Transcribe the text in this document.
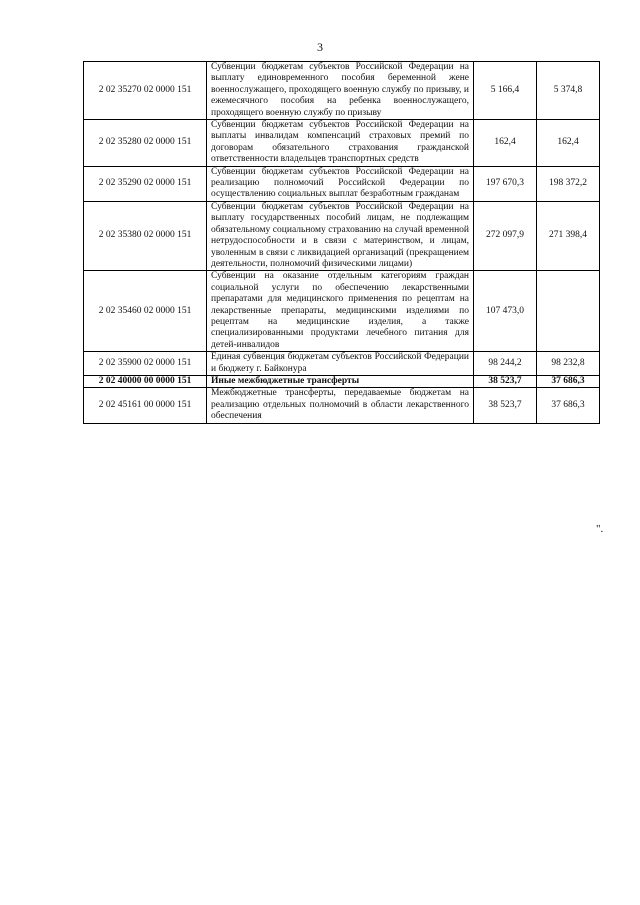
3
2 02 35270 02 0000 151	Субвенции бюджетам субъектов Российской Федерации на выплату единовременного пособия беременной жене военнослужащего, проходящего военную службу по призыву, и ежемесячного пособия на ребенка военнослужащего, проходящего военную службу по призыву	5 166,4	5 374,8
2 02 35280 02 0000 151	Субвенции бюджетам субъектов Российской Федерации на выплаты инвалидам компенсаций страховых премий по договорам обязательного страхования гражданской ответственности владельцев транспортных средств	162,4	162,4
2 02 35290 02 0000 151	Субвенции бюджетам субъектов Российской Федерации на реализацию полномочий Российской Федерации по осуществлению социальных выплат безработным гражданам	197 670,3	198 372,2
2 02 35380 02 0000 151	Субвенции бюджетам субъектов Российской Федерации на выплату государственных пособий лицам, не подлежащим обязательному социальному страхованию на случай временной нетрудоспособности и в связи с материнством, и лицам, уволенным в связи с ликвидацией организаций (прекращением деятельности, полномочий физическими лицами)	272 097,9	271 398,4
2 02 35460 02 0000 151	Субвенции на оказание отдельным категориям граждан социальной услуги по обеспечению лекарственными препаратами для медицинского применения по рецептам на лекарственные препараты, медицинскими изделиями по рецептам на медицинские изделия, а также специализированными продуктами лечебного питания для детей-инвалидов	107 473,0	
2 02 35900 02 0000 151	Единая субвенция бюджетам субъектов Российской Федерации и бюджету г. Байконура	98 244,2	98 232,8
2 02 40000 00 0000 151	Иные межбюджетные трансферты	38 523,7	37 686,3
2 02 45161 00 0000 151	Межбюджетные трансферты, передаваемые бюджетам на реализацию отдельных полномочий в области лекарственного обеспечения	38 523,7	37 686,3
".
